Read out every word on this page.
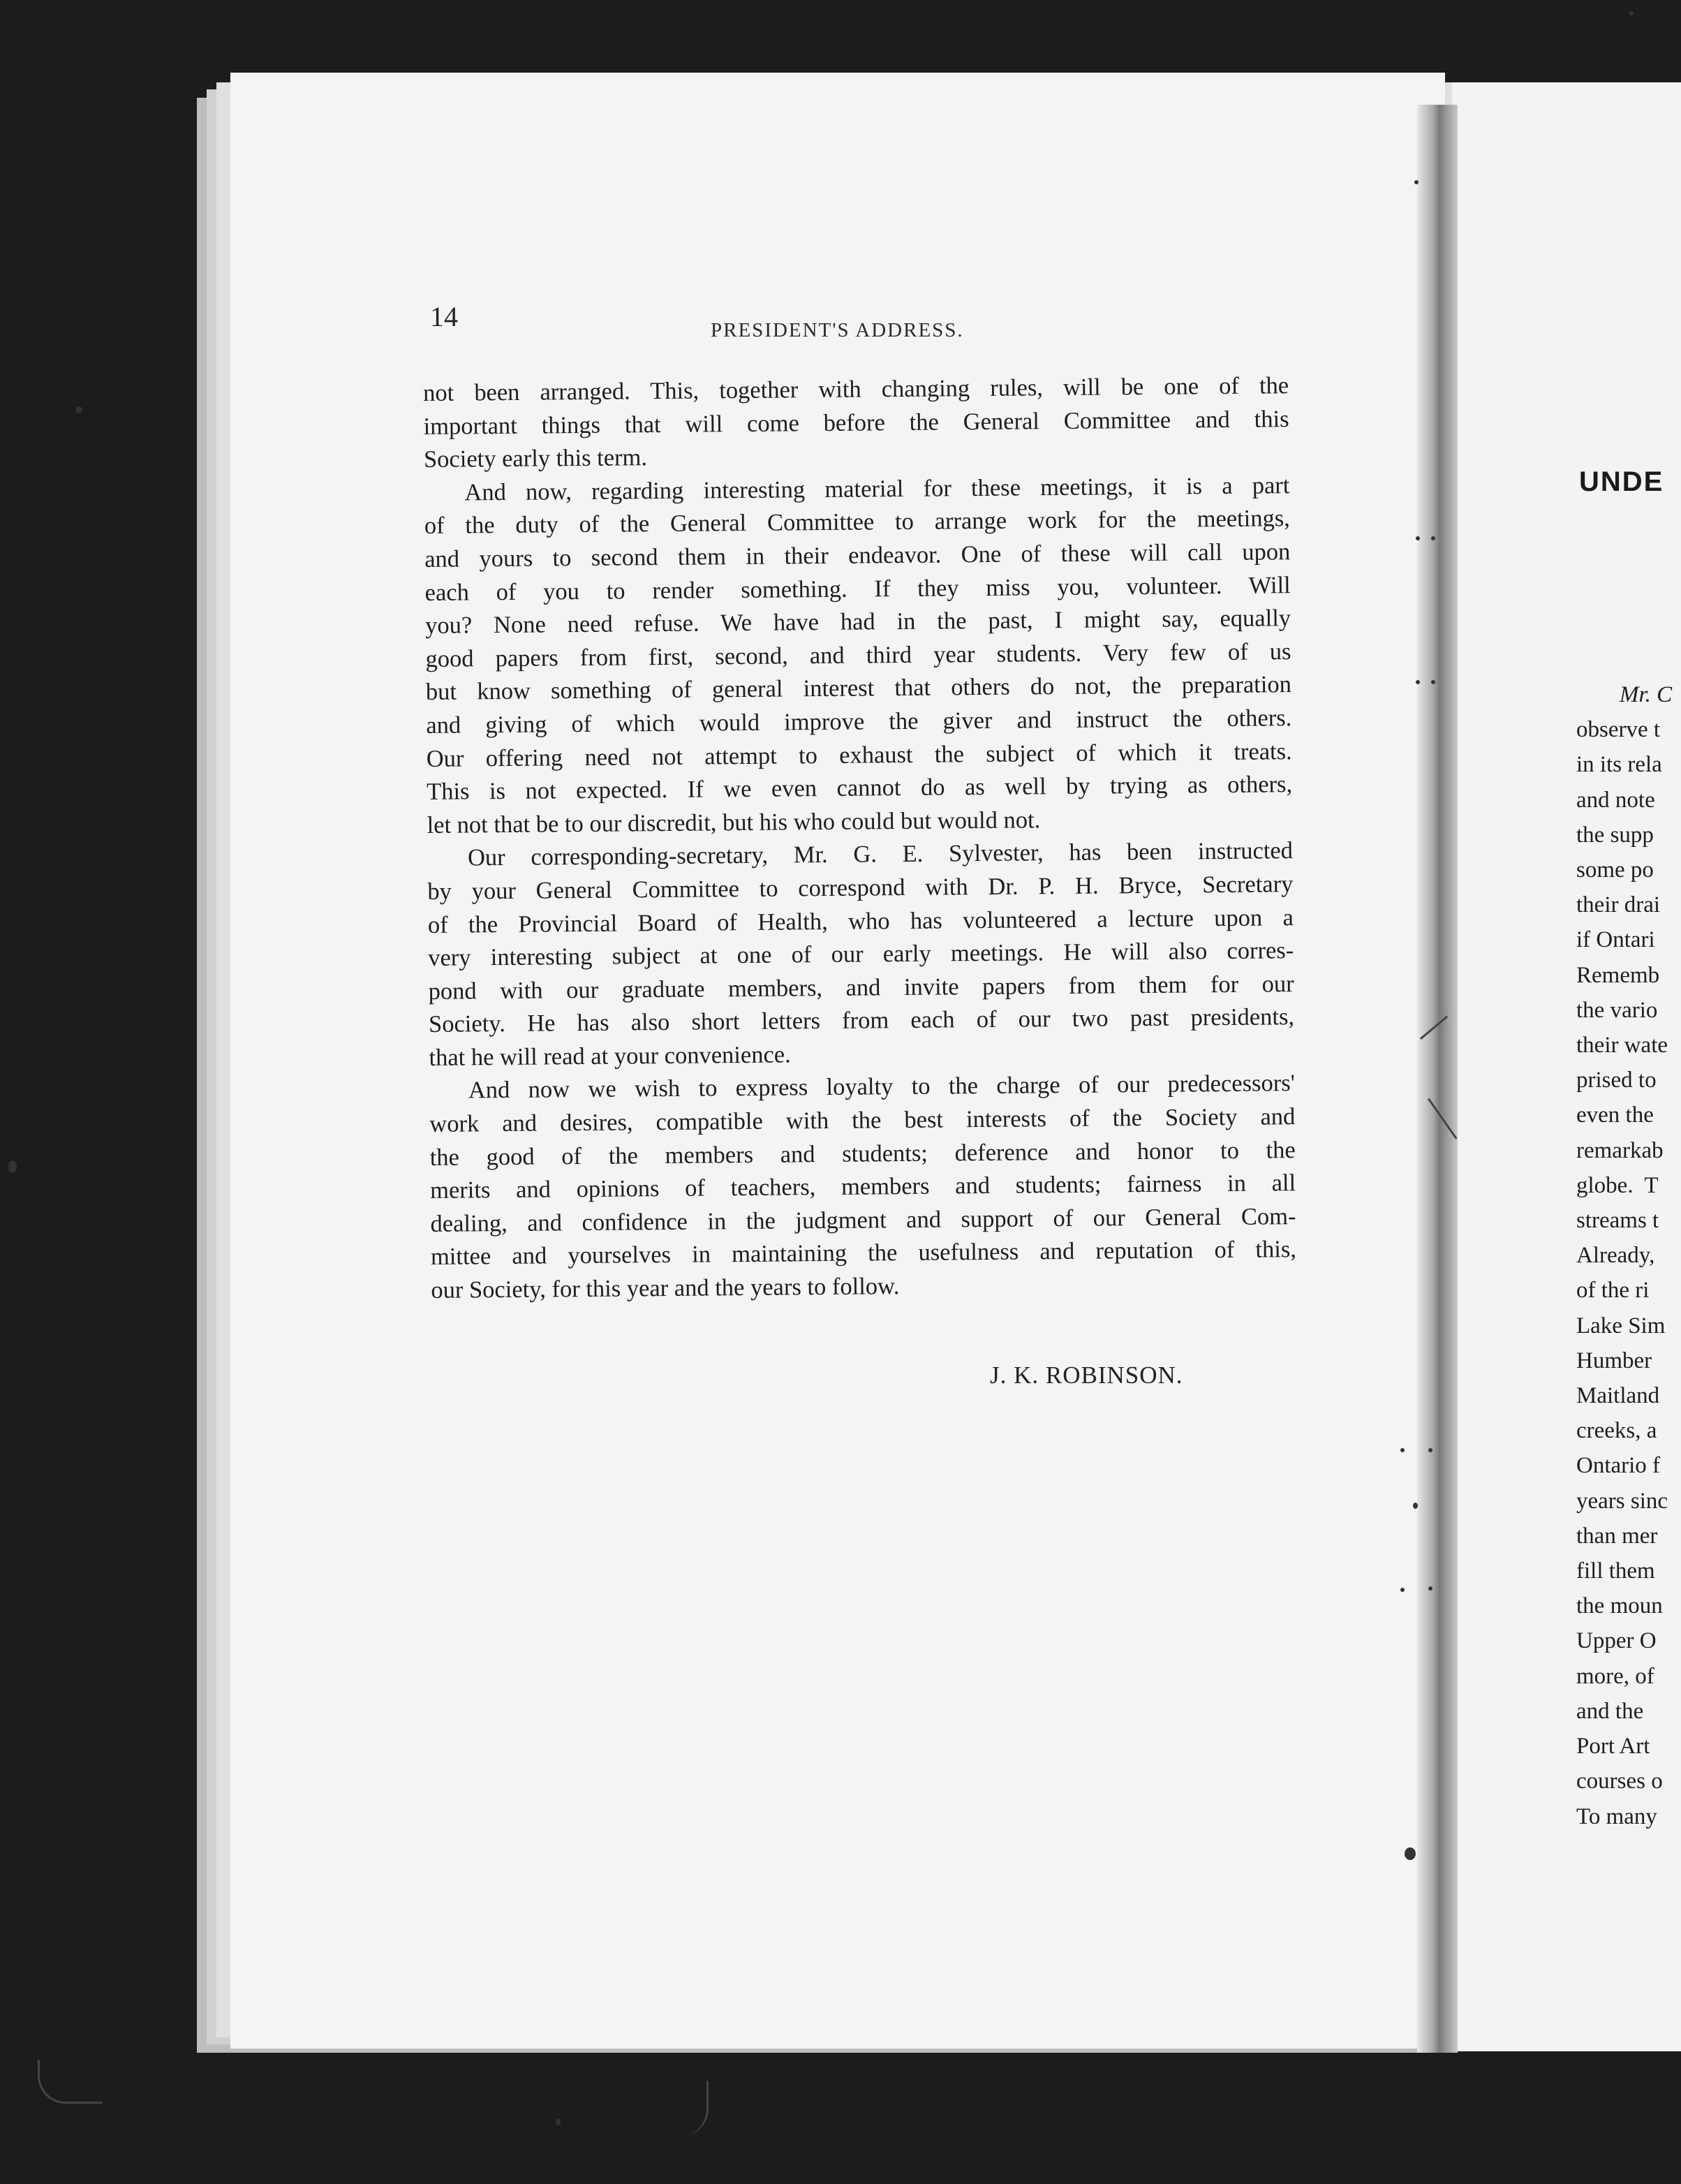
14	PRESIDENT'S ADDRESS.

not been arranged. This, together with changing rules, will be one of the
important things that will come before the General Committee and this
Society early this term.

And now, regarding interesting material for these meetings, it is a part
of the duty of the General Committee to arrange work for the meetings,
and yours to second them in their endeavor. One of these will call upon
each of you to render something. If they miss you, volunteer. Will
you? None need refuse. We have had in the past, I might say, equally
good papers from first, second, and third year students. Very few of us
but know something of general interest that others do not, the preparation
and giving of which would improve the giver and instruct the others.
Our offering need not attempt to exhaust the subject of which it treats.
This is not expected. If we even cannot do as well by trying as others,
let not that be to our discredit, but his who could but would not.

Our corresponding-secretary, Mr. G. E. Sylvester, has been instructed
by your General Committee to correspond with Dr. P. H. Bryce, Secretary
of the Provincial Board of Health, who has volunteered a lecture upon a
very interesting subject at one of our early meetings. He will also corres-
pond with our graduate members, and invite papers from them for our
Society. He has also short letters from each of our two past presidents,
that he will read at your convenience.

And now we wish to express loyalty to the charge of our predecessors'
work and desires, compatible with the best interests of the Society and
the good of the members and students; deference and honor to the
merits and opinions of teachers, members and students; fairness in all
dealing, and confidence in the judgment and support of our General Com-
mittee and yourselves in maintaining the usefulness and reputation of this,
our Society, for this year and the years to follow.

J. K. ROBINSON.
UNDE
Mr. C
observe t
in its rela
and note
the supp
some po
their drai
if Ontari
Rememb
the vario
their wate
prised to
even the
remarkab
globe.  T
streams t
Already,
of the ri
Lake Sim
Humber
Maitland
creeks, a
Ontario f
years sinc
than mer
fill them
the moun
Upper O
more, of
and the
Port Art
courses o
To many
